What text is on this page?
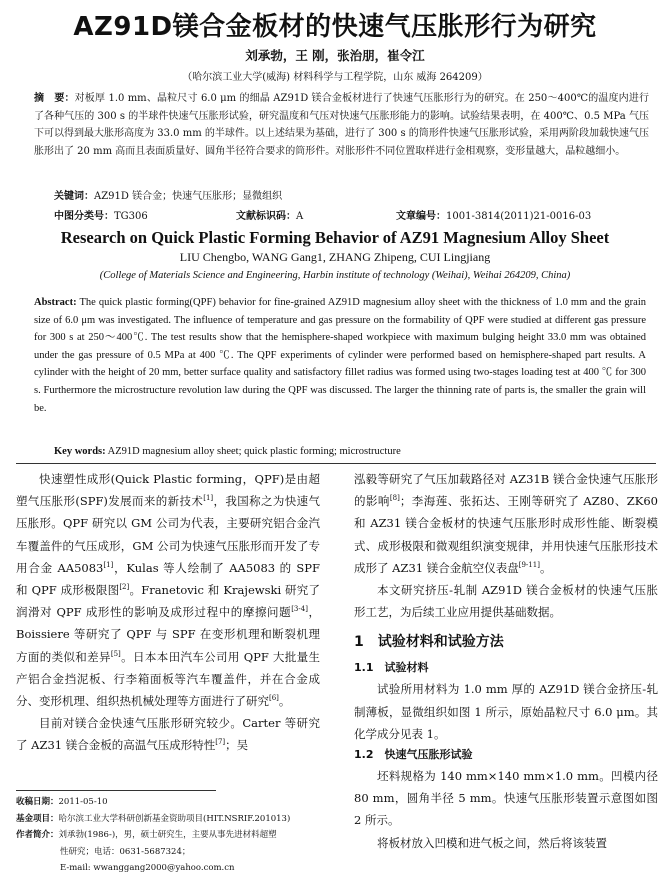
AZ91D镁合金板材的快速气压胀形行为研究
刘承勃，王 刚，张治朋，崔令江
（哈尔滨工业大学(威海) 材料科学与工程学院，山东 威海 264209）
摘　要：对板厚 1.0 mm、晶粒尺寸 6.0 μm 的细晶 AZ91D 镁合金板材进行了快速气压胀形行为的研究。在 250～400℃的温度内进行了各种气压的 300 s 的半球件快速气压胀形试验，研究温度和气压对快速气压胀形能力的影响。试验结果表明，在 400℃、0.5 MPa 气压下可以得到最大胀形高度为 33.0 mm 的半球件。以上述结果为基础，进行了 300 s 的筒形件快速气压胀形试验，采用两阶段加载快速气压胀形出了 20 mm 高而且表面质量好、圆角半径符合要求的筒形件。对胀形件不同位置取样进行金相观察，变形量越大，晶粒越细小。
关键词：AZ91D 镁合金；快速气压胀形；显微组织
中图分类号：TG306	文献标识码：A	文章编号：1001-3814(2011)21-0016-03
Research on Quick Plastic Forming Behavior of AZ91 Magnesium Alloy Sheet
LIU Chengbo, WANG Gang1, ZHANG Zhipeng, CUI Lingjiang
(College of Materials Science and Engineering, Harbin institute of technology (Weihai), Weihai 264209, China)
Abstract: The quick plastic forming(QPF) behavior for fine-grained AZ91D magnesium alloy sheet with the thickness of 1.0 mm and the grain size of 6.0 μm was investigated. The influence of temperature and gas pressure on the formability of QPF were studied at different gas pressure for 300 s at 250～400℃. The test results show that the hemisphere-shaped workpiece with maximum bulging height 33.0 mm was obtained under the gas pressure of 0.5 MPa at 400 ℃. The QPF experiments of cylinder were performed based on hemisphere-shaped part results. A cylinder with the height of 20 mm, better surface quality and satisfactory fillet radius was formed using two-stages loading test at 400 ℃ for 300 s. Furthermore the microstructure revolution law during the QPF was discussed. The larger the thinning rate of parts is, the smaller the grain will be.
Key words: AZ91D magnesium alloy sheet; quick plastic forming; microstructure

快速塑性成形(Quick Plastic forming，QPF)是由超塑气压胀形(SPF)发展而来的新技术[1]，我国称之为快速气压胀形。QPF 研究以 GM 公司为代表，主要研究铝合金汽车覆盖件的气压成形，GM 公司为快速气压胀形而开发了专用合金 AA5083[1]，Kulas 等人绘制了 AA5083 的 SPF 和 QPF 成形极限图[2]。Franetovic 和 Krajewski 研究了润滑对 QPF 成形性的影响及成形过程中的摩擦问题[3-4]，Boissiere 等研究了 QPF 与 SPF 在变形机理和断裂机理方面的类似和差异[5]。日本本田汽车公司用 QPF 大批量生产铝合金挡泥板、行李箱面板等汽车覆盖件，并在合金成分、变形机理、组织热机械处理等方面进行了研究[6]。

目前对镁合金快速气压胀形研究较少。Carter 等研究了 AZ31 镁合金板的高温气压成形特性[7]；吴

泓毅等研究了气压加载路径对 AZ31B 镁合金快速气压胀形的影响[8]；李海莲、张拓达、王刚等研究了 AZ80、ZK60 和 AZ31 镁合金板材的快速气压胀形时成形性能、断裂模式、成形极限和微观组织演变规律，并用快速气压胀形技术成形了 AZ31 镁合金航空仪表盘[9-11]。

本文研究挤压-轧制 AZ91D 镁合金板材的快速气压胀形工艺，为后续工业应用提供基础数据。

1　试验材料和试验方法
1.1　试验材料

试验所用材料为 1.0 mm 厚的 AZ91D 镁合金挤压-轧制薄板，显微组织如图 1 所示，原始晶粒尺寸 6.0 μm。其化学成分见表 1。

1.2　快速气压胀形试验

坯料规格为 140 mm×140 mm×1.0 mm。凹模内径 80 mm，圆角半径 5 mm。快速气压胀形装置示意图如图 2 所示。

将板材放入凹模和进气板之间，然后将该装置

收稿日期：2011-05-10
基金项目：哈尔滨工业大学科研创新基金资助项目(HIT.NSRIF.201013)
作者简介：刘承勃(1986-)，男，硕士研究生，主要从事先进材料超塑
性研究；电话：0631-5687324；
E-mail: wwanggang2000@yahoo.com.cn
